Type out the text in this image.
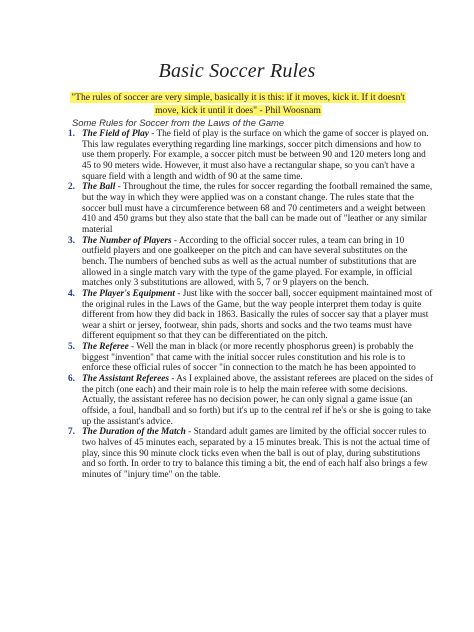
Basic Soccer Rules
"The rules of soccer are very simple, basically it is this: if it moves, kick it. If it doesn't move, kick it until it does" - Phil Woosnam
Some Rules for Soccer from the Laws of the Game
1. The Field of Play - The field of play is the surface on which the game of soccer is played on. This law regulates everything regarding line markings, soccer pitch dimensions and how to use them properly. For example, a soccer pitch must be between 90 and 120 meters long and 45 to 90 meters wide. However, it must also have a rectangular shape, so you can't have a square field with a length and width of 90 at the same time.
2. The Ball - Throughout the time, the rules for soccer regarding the football remained the same, but the way in which they were applied was on a constant change. The rules state that the soccer bull must have a circumference between 68 and 70 centimeters and a weight between 410 and 450 grams but they also state that the ball can be made out of "leather or any similar material
3. The Number of Players - According to the official soccer rules, a team can bring in 10 outfield players and one goalkeeper on the pitch and can have several substitutes on the bench. The numbers of benched subs as well as the actual number of substitutions that are allowed in a single match vary with the type of the game played. For example, in official matches only 3 substitutions are allowed, with 5, 7 or 9 players on the bench.
4. The Player's Equipment - Just like with the soccer ball, soccer equipment maintained most of the original rules in the Laws of the Game, but the way people interpret them today is quite different from how they did back in 1863. Basically the rules of soccer say that a player must wear a shirt or jersey, footwear, shin pads, shorts and socks and the two teams must have different equipment so that they can be differentiated on the pitch.
5. The Referee - Well the man in black (or more recently phosphorus green) is probably the biggest "invention" that came with the initial soccer rules constitution and his role is to enforce these official rules of soccer "in connection to the match he has been appointed to
6. The Assistant Referees - As I explained above, the assistant referees are placed on the sides of the pitch (one each) and their main role is to help the main referee with some decisions. Actually, the assistant referee has no decision power, he can only signal a game issue (an offside, a foul, handball and so forth) but it's up to the central ref if he's or she is going to take up the assistant's advice.
7. The Duration of the Match - Standard adult games are limited by the official soccer rules to two halves of 45 minutes each, separated by a 15 minutes break. This is not the actual time of play, since this 90 minute clock ticks even when the ball is out of play, during substitutions and so forth. In order to try to balance this timing a bit, the end of each half also brings a few minutes of "injury time" on the table.
